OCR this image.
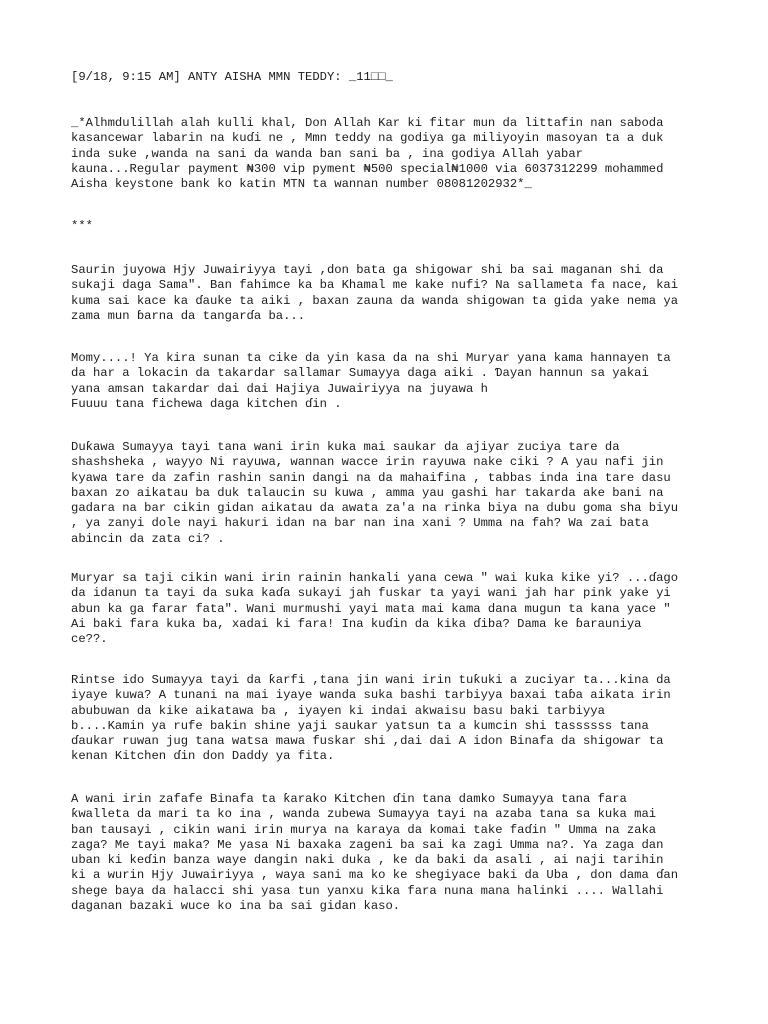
[9/18, 9:15 AM] ANTY AISHA MMN TEDDY: _11□□_

_*Alhmdulillah alah kulli khal, Don Allah Kar ki fitar mun da littafin nan saboda
kasancewar labarin na kuɗi ne , Mmn teddy na godiya ga miliyoyin masoyan ta a duk
inda suke ,wanda na sani da wanda ban sani ba , ina godiya Allah yabar
kauna...Regular payment ₦300 vip pyment ₦500 special₦1000 via 6037312299 mohammed
Aisha keystone bank ko katin MTN ta wannan number 08081202932*_

***

Saurin juyowa Hjy Juwairiyya tayi ,don bata ga shigowar shi ba sai maganan shi da
sukaji daga Sama". Ban fahimce ka ba Khamal me kake nufi? Na sallameta fa nace, kai
kuma sai kace ka ɗauke ta aiki , baxan zauna da wanda shigowan ta gida yake nema ya
zama mun ɓarna da tangarɗa ba...

Momy....! Ya kira sunan ta cike da yin kasa da na shi Muryar yana kama hannayen ta
da har a lokacin da takardar sallamar Sumayya daga aiki . Ɗayan hannun sa yakai
yana amsan takardar dai dai Hajiya Juwairiyya na juyawa h
Fuuuu tana fichewa daga kitchen ɗin .

Duƙawa Sumayya tayi tana wani irin kuka mai saukar da ajiyar zuciya tare da
shashsheka , wayyo Ni rayuwa, wannan wacce irin rayuwa nake ciki ? A yau nafi jin
kyawa tare da zafin rashin sanin dangi na da mahaifina , tabbas inda ina tare dasu
baxan zo aikatau ba duk talaucin su kuwa , amma yau gashi har takarda ake bani na
gadara na bar cikin gidan aikatau da awata za'a na rinka biya na dubu goma sha biyu
, ya zanyi dole nayi hakuri idan na bar nan ina xani ? Umma na fah? Wa zai bata
abincin da zata ci? .

Muryar sa taji cikin wani irin rainin hankali yana cewa " wai kuka kike yi? ...ɗago
da idanun ta tayi da suka kaɗa sukayi jah fuskar ta yayi wani jah har pink yake yi
abun ka ga farar fata". Wani murmushi yayi mata mai kama dana mugun ta kana yace "
Ai baki fara kuka ba, xadai ki fara! Ina kuɗin da kika ɗiba? Dama ke ɓarauniya
ce??.

Rintse ido Sumayya tayi da ƙarfi ,tana jin wani irin tuƙuki a zuciyar ta...kina da
iyaye kuwa? A tunani na mai iyaye wanda suka bashi tarbiyya baxai taɓa aikata irin
abubuwan da kike aikatawa ba , iyayen ki indai akwaisu basu baki tarbiyya
b....Kamin ya rufe bakin shine yaji saukar yatsun ta a kumcin shi tassssss tana
ɗaukar ruwan jug tana watsa mawa fuskar shi ,dai dai A idon Binafa da shigowar ta
kenan Kitchen ɗin don Daddy ya fita.

A wani irin zafafe Binafa ta ƙarako Kitchen ɗin tana damko Sumayya tana fara
ƙwalleta da mari ta ko ina , wanda zubewa Sumayya tayi na azaba tana sa kuka mai
ban tausayi , cikin wani irin murya na karaya da komai take faɗin " Umma na zaka
zaga? Me tayi maka? Me yasa Ni baxaka zageni ba sai ka zagi Umma na?. Ya zaga dan
uban ki keɗin banza waye dangin naki duka , ke da baki da asali , ai naji tarihin
ki a wurin Hjy Juwairiyya , waya sani ma ko ke shegiyace baki da Uba , don dama ɗan
shege baya da halacci shi yasa tun yanxu kika fara nuna mana halinki .... Wallahi
daganan bazaki wuce ko ina ba sai gidan kaso.
